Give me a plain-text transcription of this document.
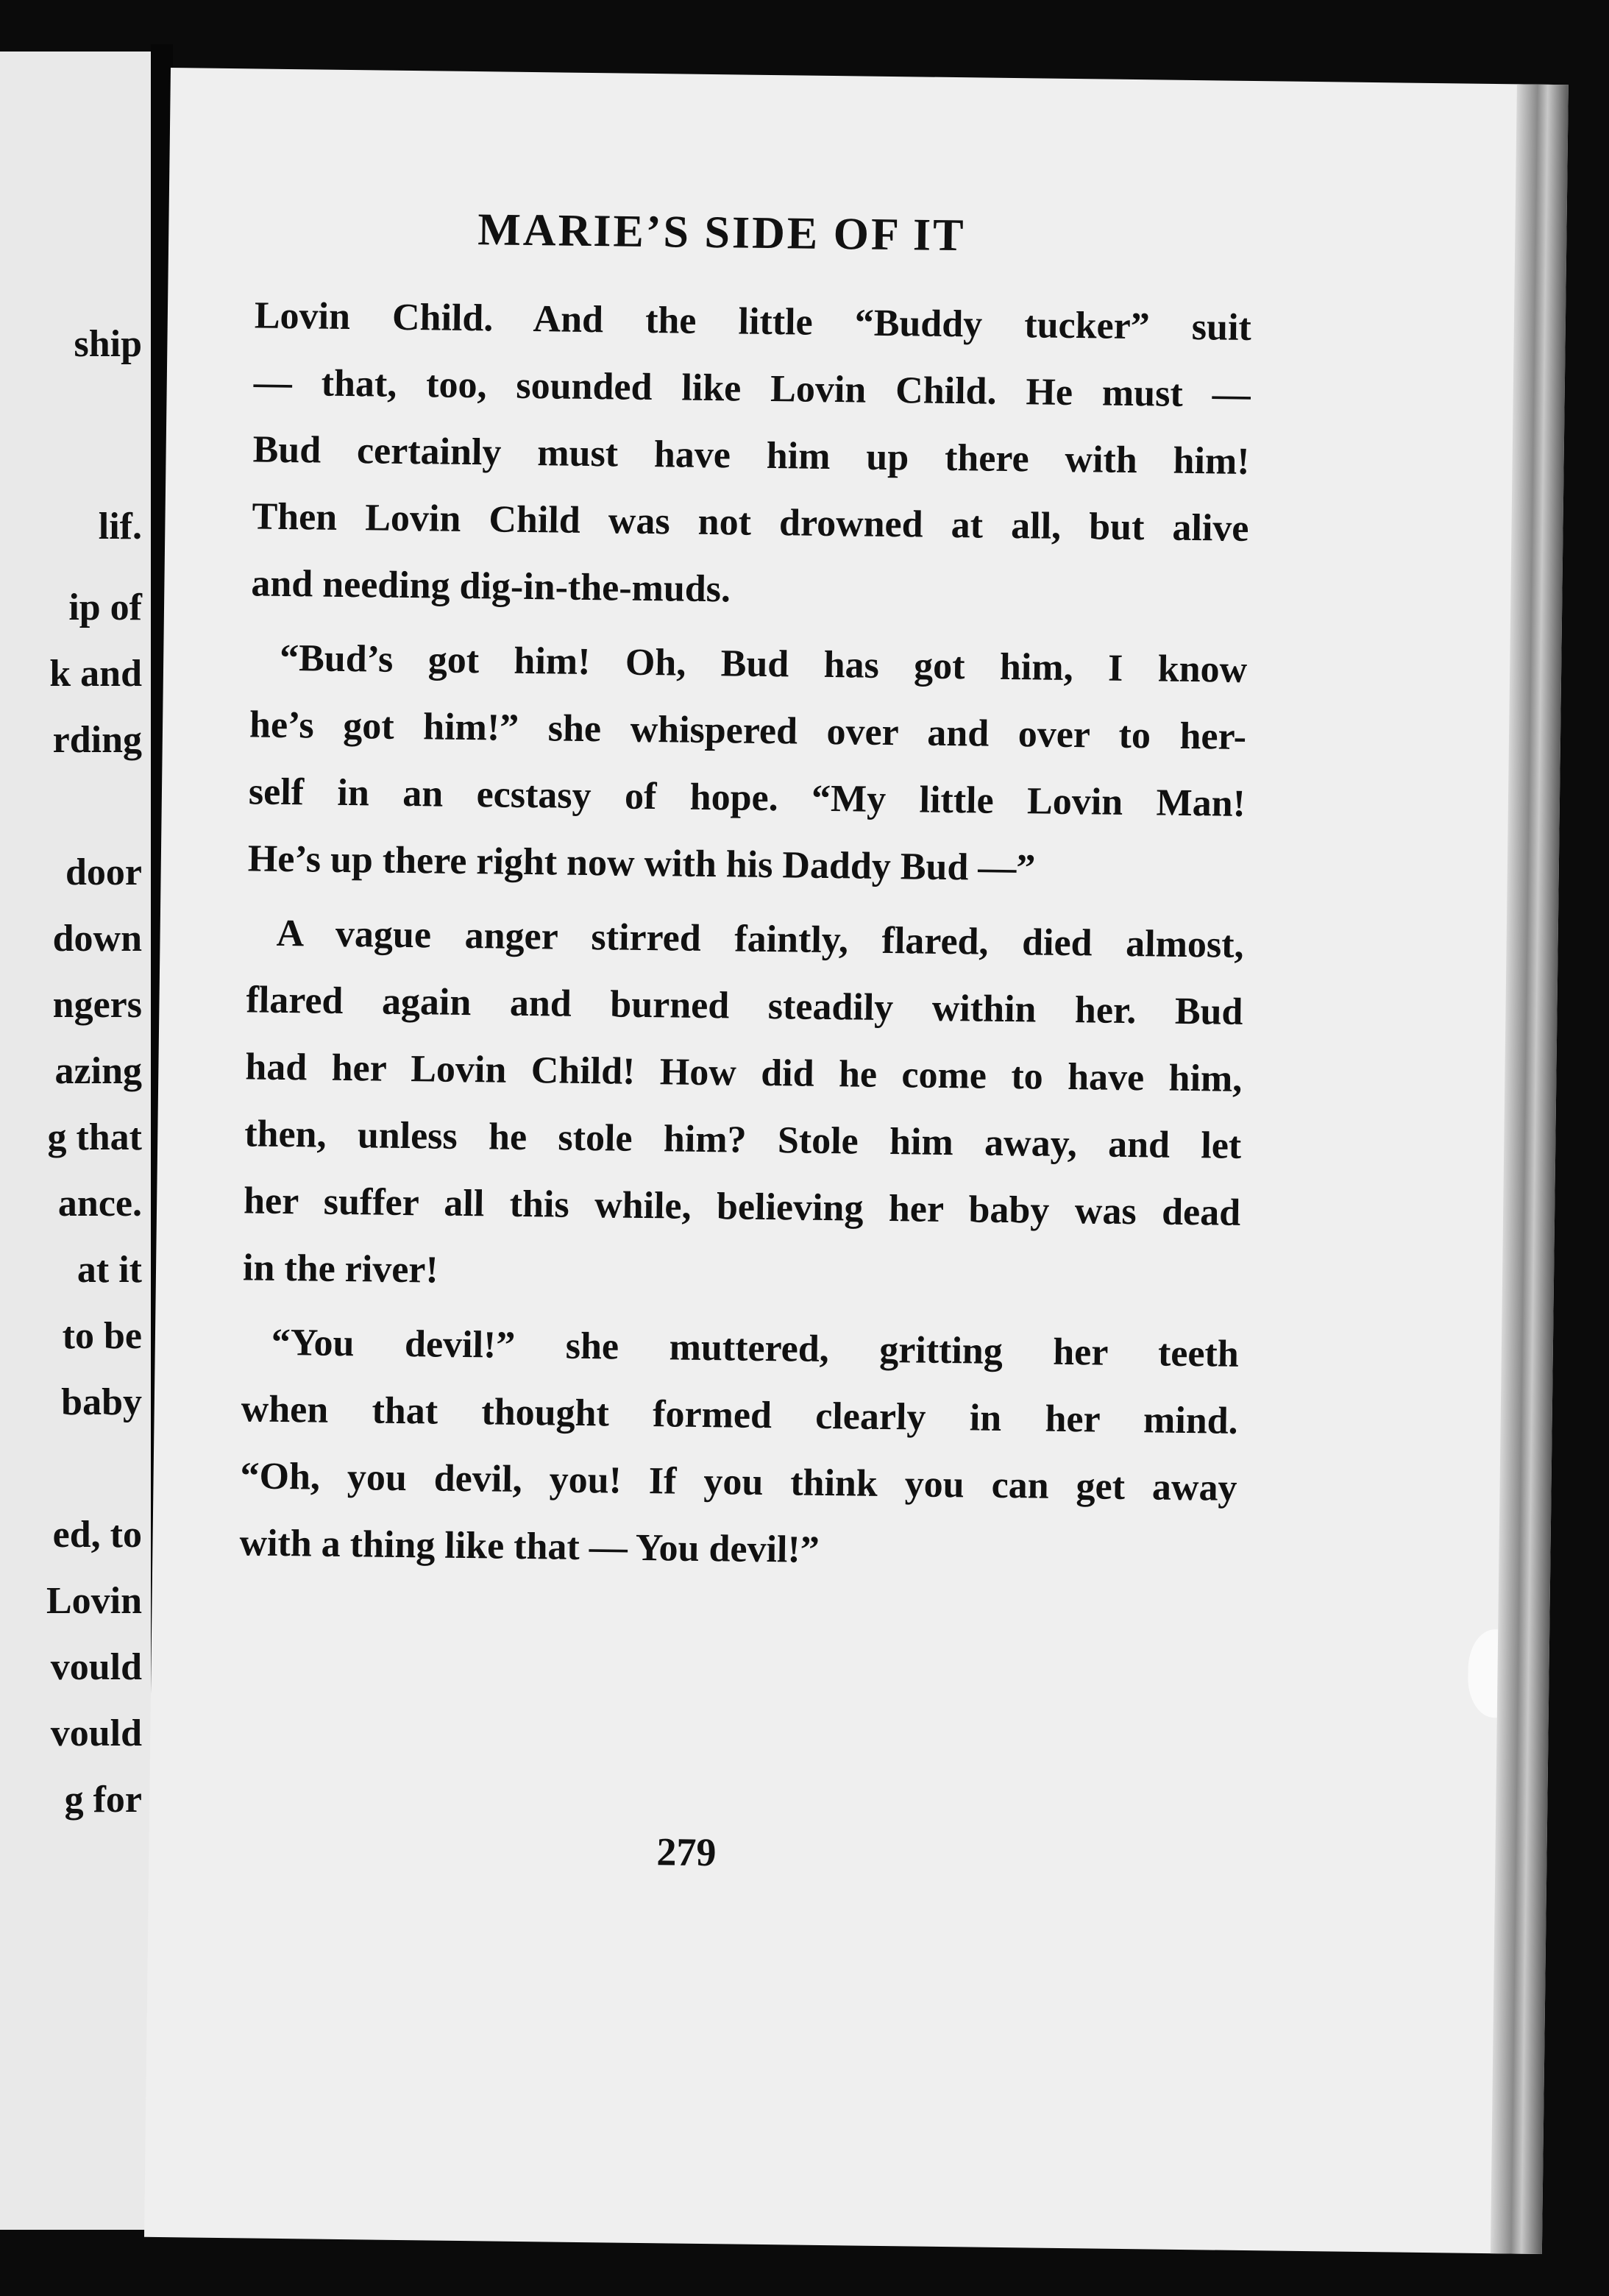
ship
lif.
ip of
k and
rding
door
down
ngers
azing
g that
ance.
at it
to be
baby
ed, to
Lovin
vould
vould
g for
MARIE’S SIDE OF IT
Lovin Child. And the little “Buddy tucker” suit
— that, too, sounded like Lovin Child. He must —
Bud certainly must have him up there with him!
Then Lovin Child was not drowned at all, but alive
and needing dig-in-the-muds.
“Bud’s got him! Oh, Bud has got him, I know
he’s got him!” she whispered over and over to her-
self in an ecstasy of hope. “My little Lovin Man!
He’s up there right now with his Daddy Bud —”
A vague anger stirred faintly, flared, died almost,
flared again and burned steadily within her. Bud
had her Lovin Child! How did he come to have him,
then, unless he stole him? Stole him away, and let
her suffer all this while, believing her baby was dead
in the river!
“You devil!” she muttered, gritting her teeth
when that thought formed clearly in her mind.
“Oh, you devil, you! If you think you can get away
with a thing like that — You devil!”
279
